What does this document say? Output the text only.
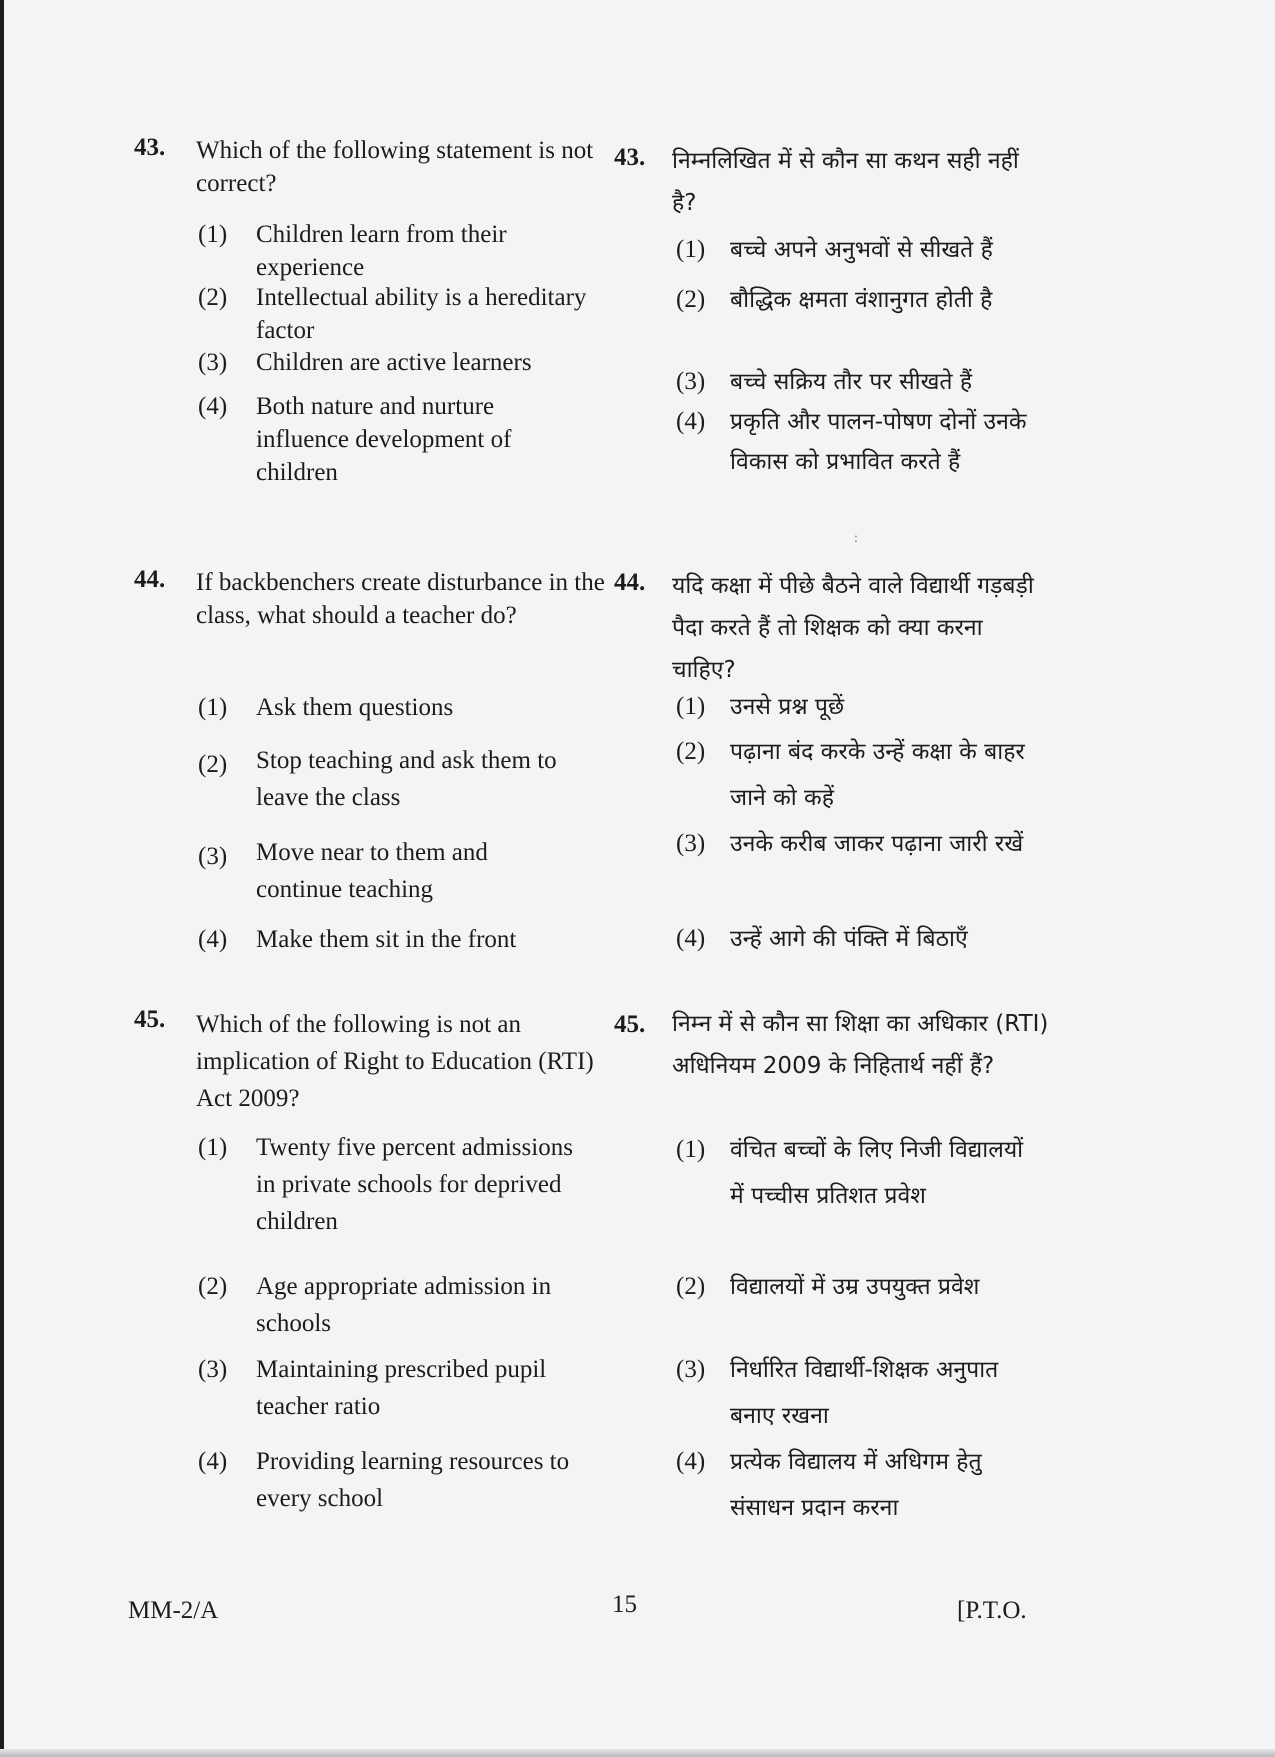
43. Which of the following statement is not correct?
(1) Children learn from their experience
(2) Intellectual ability is a hereditary factor
(3) Children are active learners
(4) Both nature and nurture influence development of children
44. If backbenchers create disturbance in the class, what should a teacher do?
(1) Ask them questions
(2) Stop teaching and ask them to leave the class
(3) Move near to them and continue teaching
(4) Make them sit in the front
45. Which of the following is not an implication of Right to Education (RTI) Act 2009?
(1) Twenty five percent admissions in private schools for deprived children
(2) Age appropriate admission in schools
(3) Maintaining prescribed pupil teacher ratio
(4) Providing learning resources to every school
43. निम्नलिखित में से कौन सा कथन सही नहीं है?
(1) बच्चे अपने अनुभवों से सीखते हैं
(2) बौद्धिक क्षमता वंशानुगत होती है
(3) बच्चे सक्रिय तौर पर सीखते हैं
(4) प्रकृति और पालन-पोषण दोनों उनके विकास को प्रभावित करते हैं
:
44. यदि कक्षा में पीछे बैठने वाले विद्यार्थी गड़बड़ी पैदा करते हैं तो शिक्षक को क्या करना चाहिए?
(1) उनसे प्रश्न पूछें
(2) पढ़ाना बंद करके उन्हें कक्षा के बाहर जाने को कहें
(3) उनके करीब जाकर पढ़ाना जारी रखें
(4) उन्हें आगे की पंक्ति में बिठाएँ
45. निम्न में से कौन सा शिक्षा का अधिकार (RTI) अधिनियम 2009 के निहितार्थ नहीं हैं?
(1) वंचित बच्चों के लिए निजी विद्यालयों में पच्चीस प्रतिशत प्रवेश
(2) विद्यालयों में उम्र उपयुक्त प्रवेश
(3) निर्धारित विद्यार्थी-शिक्षक अनुपात बनाए रखना
(4) प्रत्येक विद्यालय में अधिगम हेतु संसाधन प्रदान करना
15
MM-2/A	[P.T.O.
